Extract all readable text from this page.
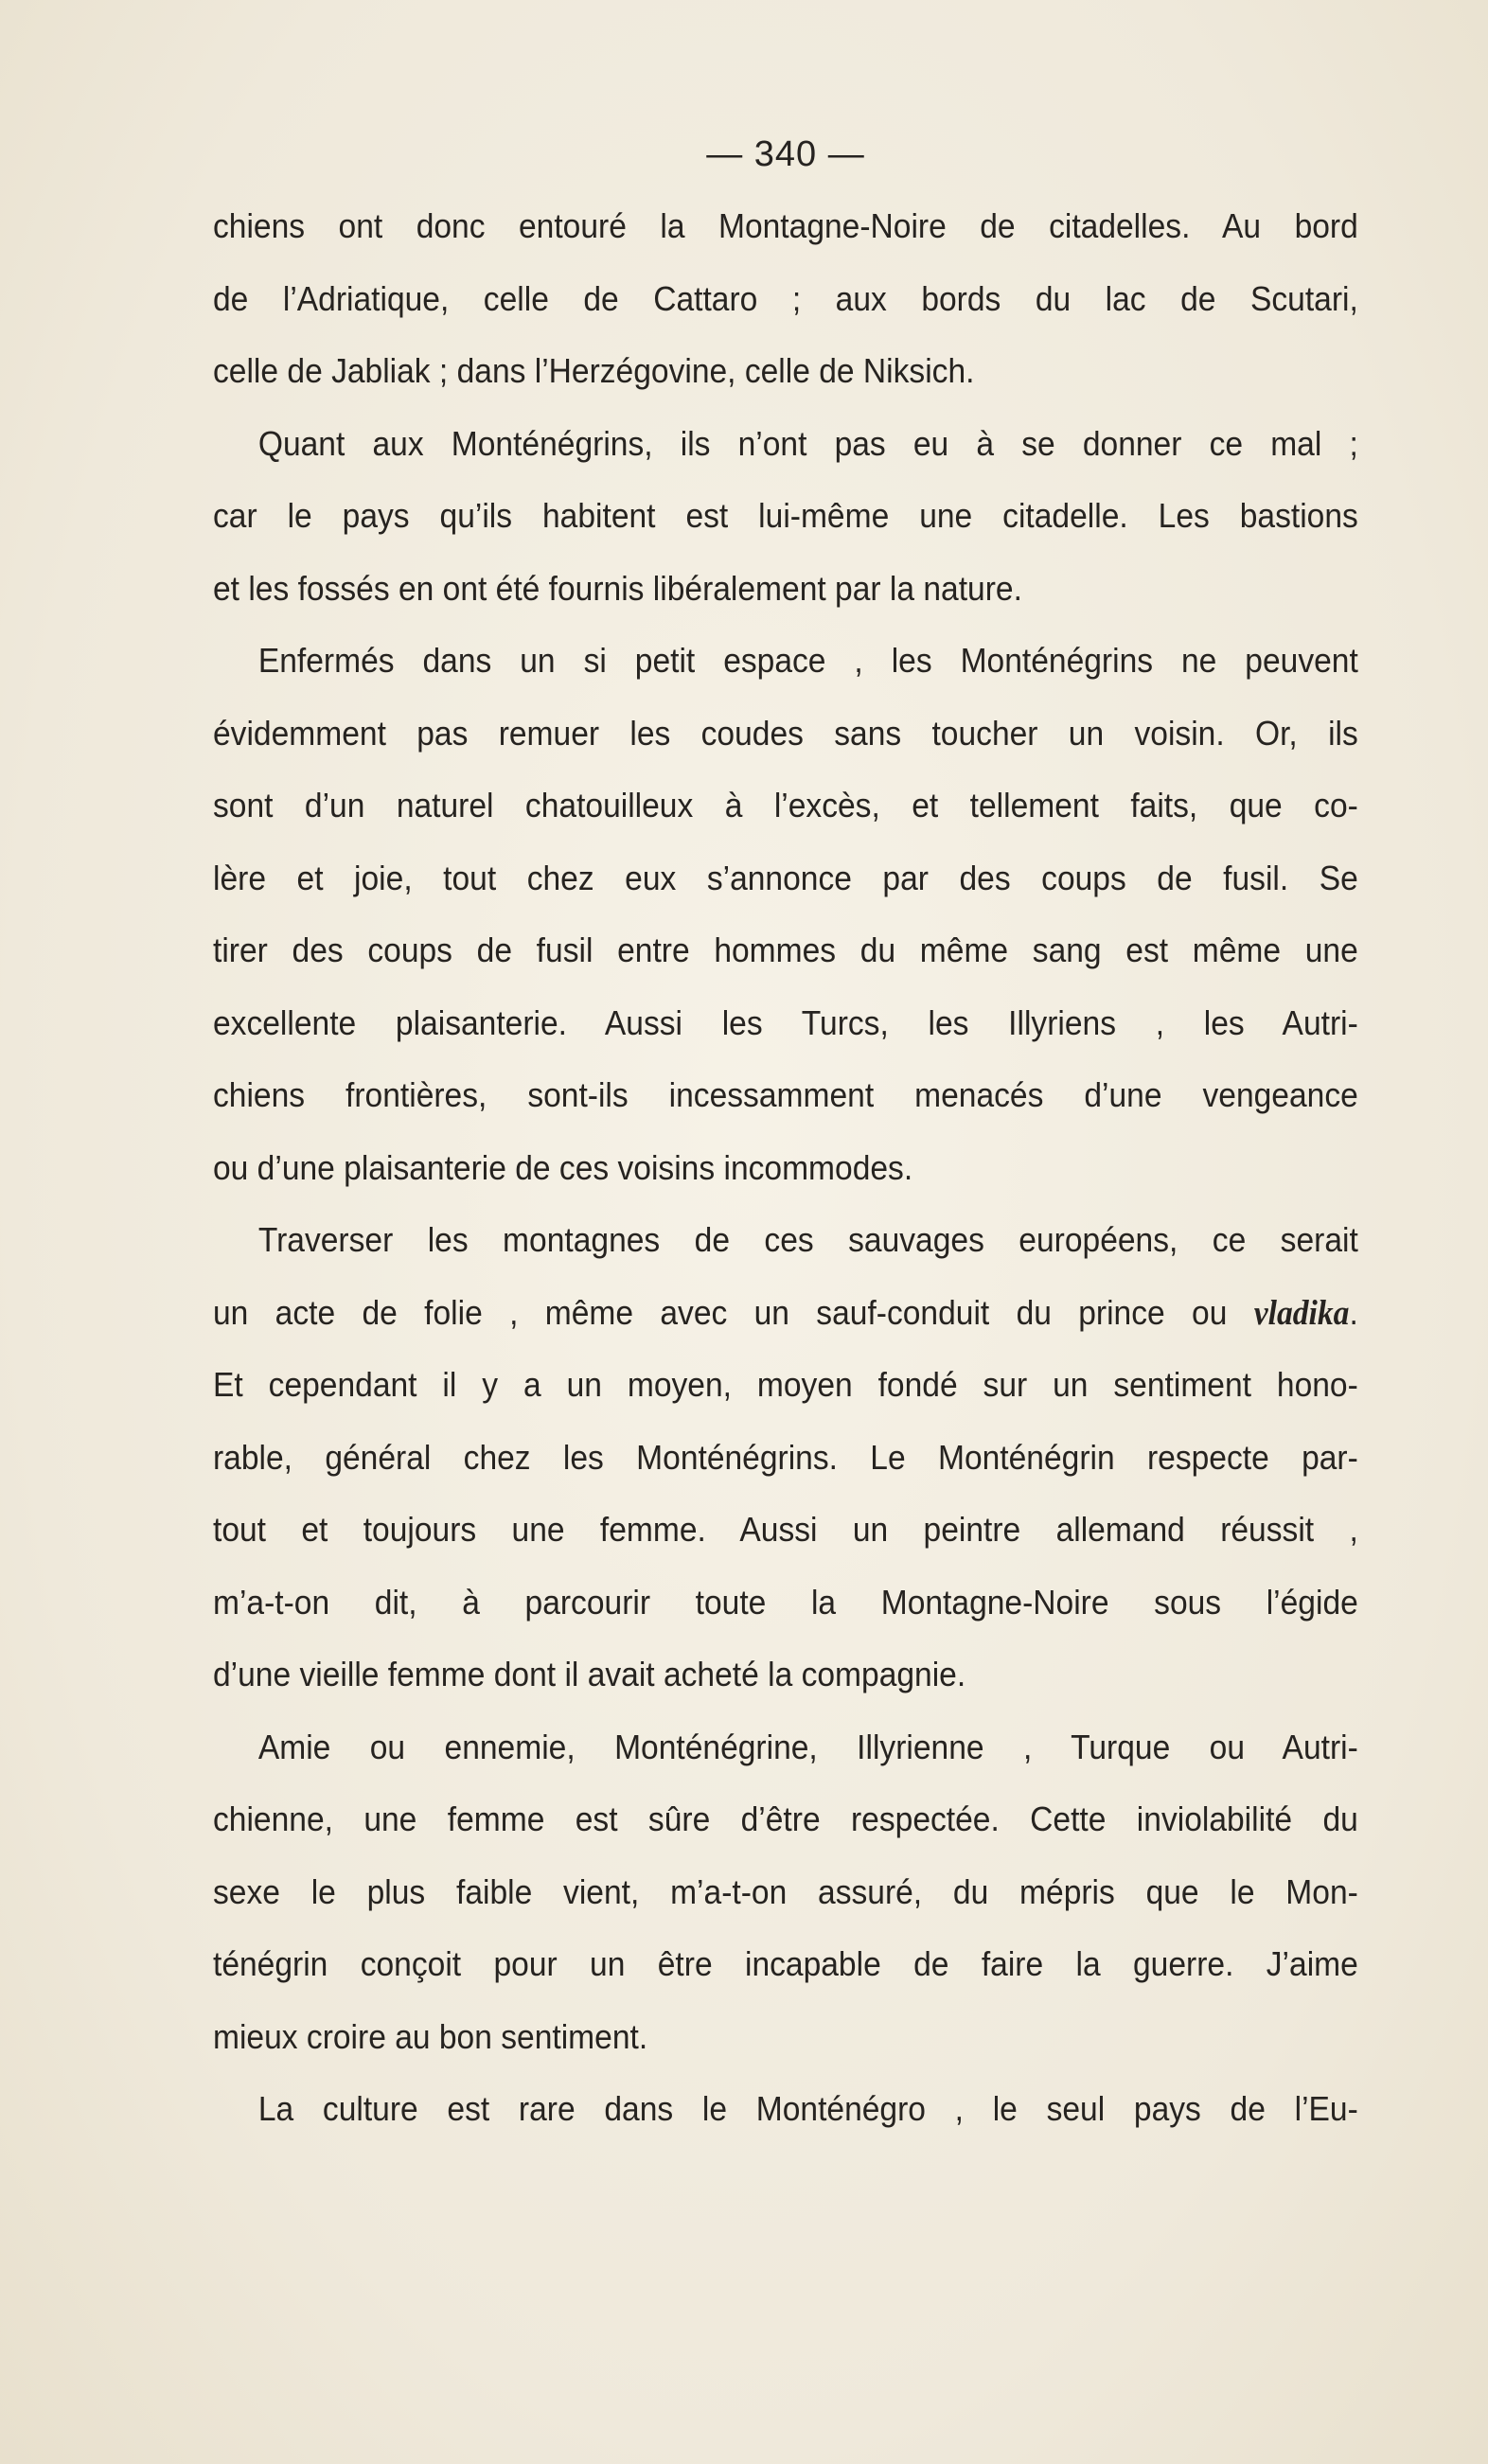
— 340 —
chiens ont donc entouré la Montagne-Noire de citadelles. Au bord
de l’Adriatique, celle de Cattaro ; aux bords du lac de Scutari,
celle de Jabliak ; dans l’Herzégovine, celle de Niksich.
Quant aux Monténégrins, ils n’ont pas eu à se donner ce mal ;
car le pays qu’ils habitent est lui-même une citadelle. Les bastions
et les fossés en ont été fournis libéralement par la nature.
Enfermés dans un si petit espace , les Monténégrins ne peuvent
évidemment pas remuer les coudes sans toucher un voisin. Or, ils
sont d’un naturel chatouilleux à l’excès, et tellement faits, que co-
lère et joie, tout chez eux s’annonce par des coups de fusil. Se
tirer des coups de fusil entre hommes du même sang est même une
excellente plaisanterie. Aussi les Turcs, les Illyriens , les Autri-
chiens frontières, sont-ils incessamment menacés d’une vengeance
ou d’une plaisanterie de ces voisins incommodes.
Traverser les montagnes de ces sauvages européens, ce serait
un acte de folie , même avec un sauf-conduit du prince ou vladika.
Et cependant il y a un moyen, moyen fondé sur un sentiment hono-
rable, général chez les Monténégrins. Le Monténégrin respecte par-
tout et toujours une femme. Aussi un peintre allemand réussit ,
m’a-t-on dit, à parcourir toute la Montagne-Noire sous l’égide
d’une vieille femme dont il avait acheté la compagnie.
Amie ou ennemie, Monténégrine, Illyrienne , Turque ou Autri-
chienne, une femme est sûre d’être respectée. Cette inviolabilité du
sexe le plus faible vient, m’a-t-on assuré, du mépris que le Mon-
ténégrin conçoit pour un être incapable de faire la guerre. J’aime
mieux croire au bon sentiment.
La culture est rare dans le Monténégro , le seul pays de l’Eu-
